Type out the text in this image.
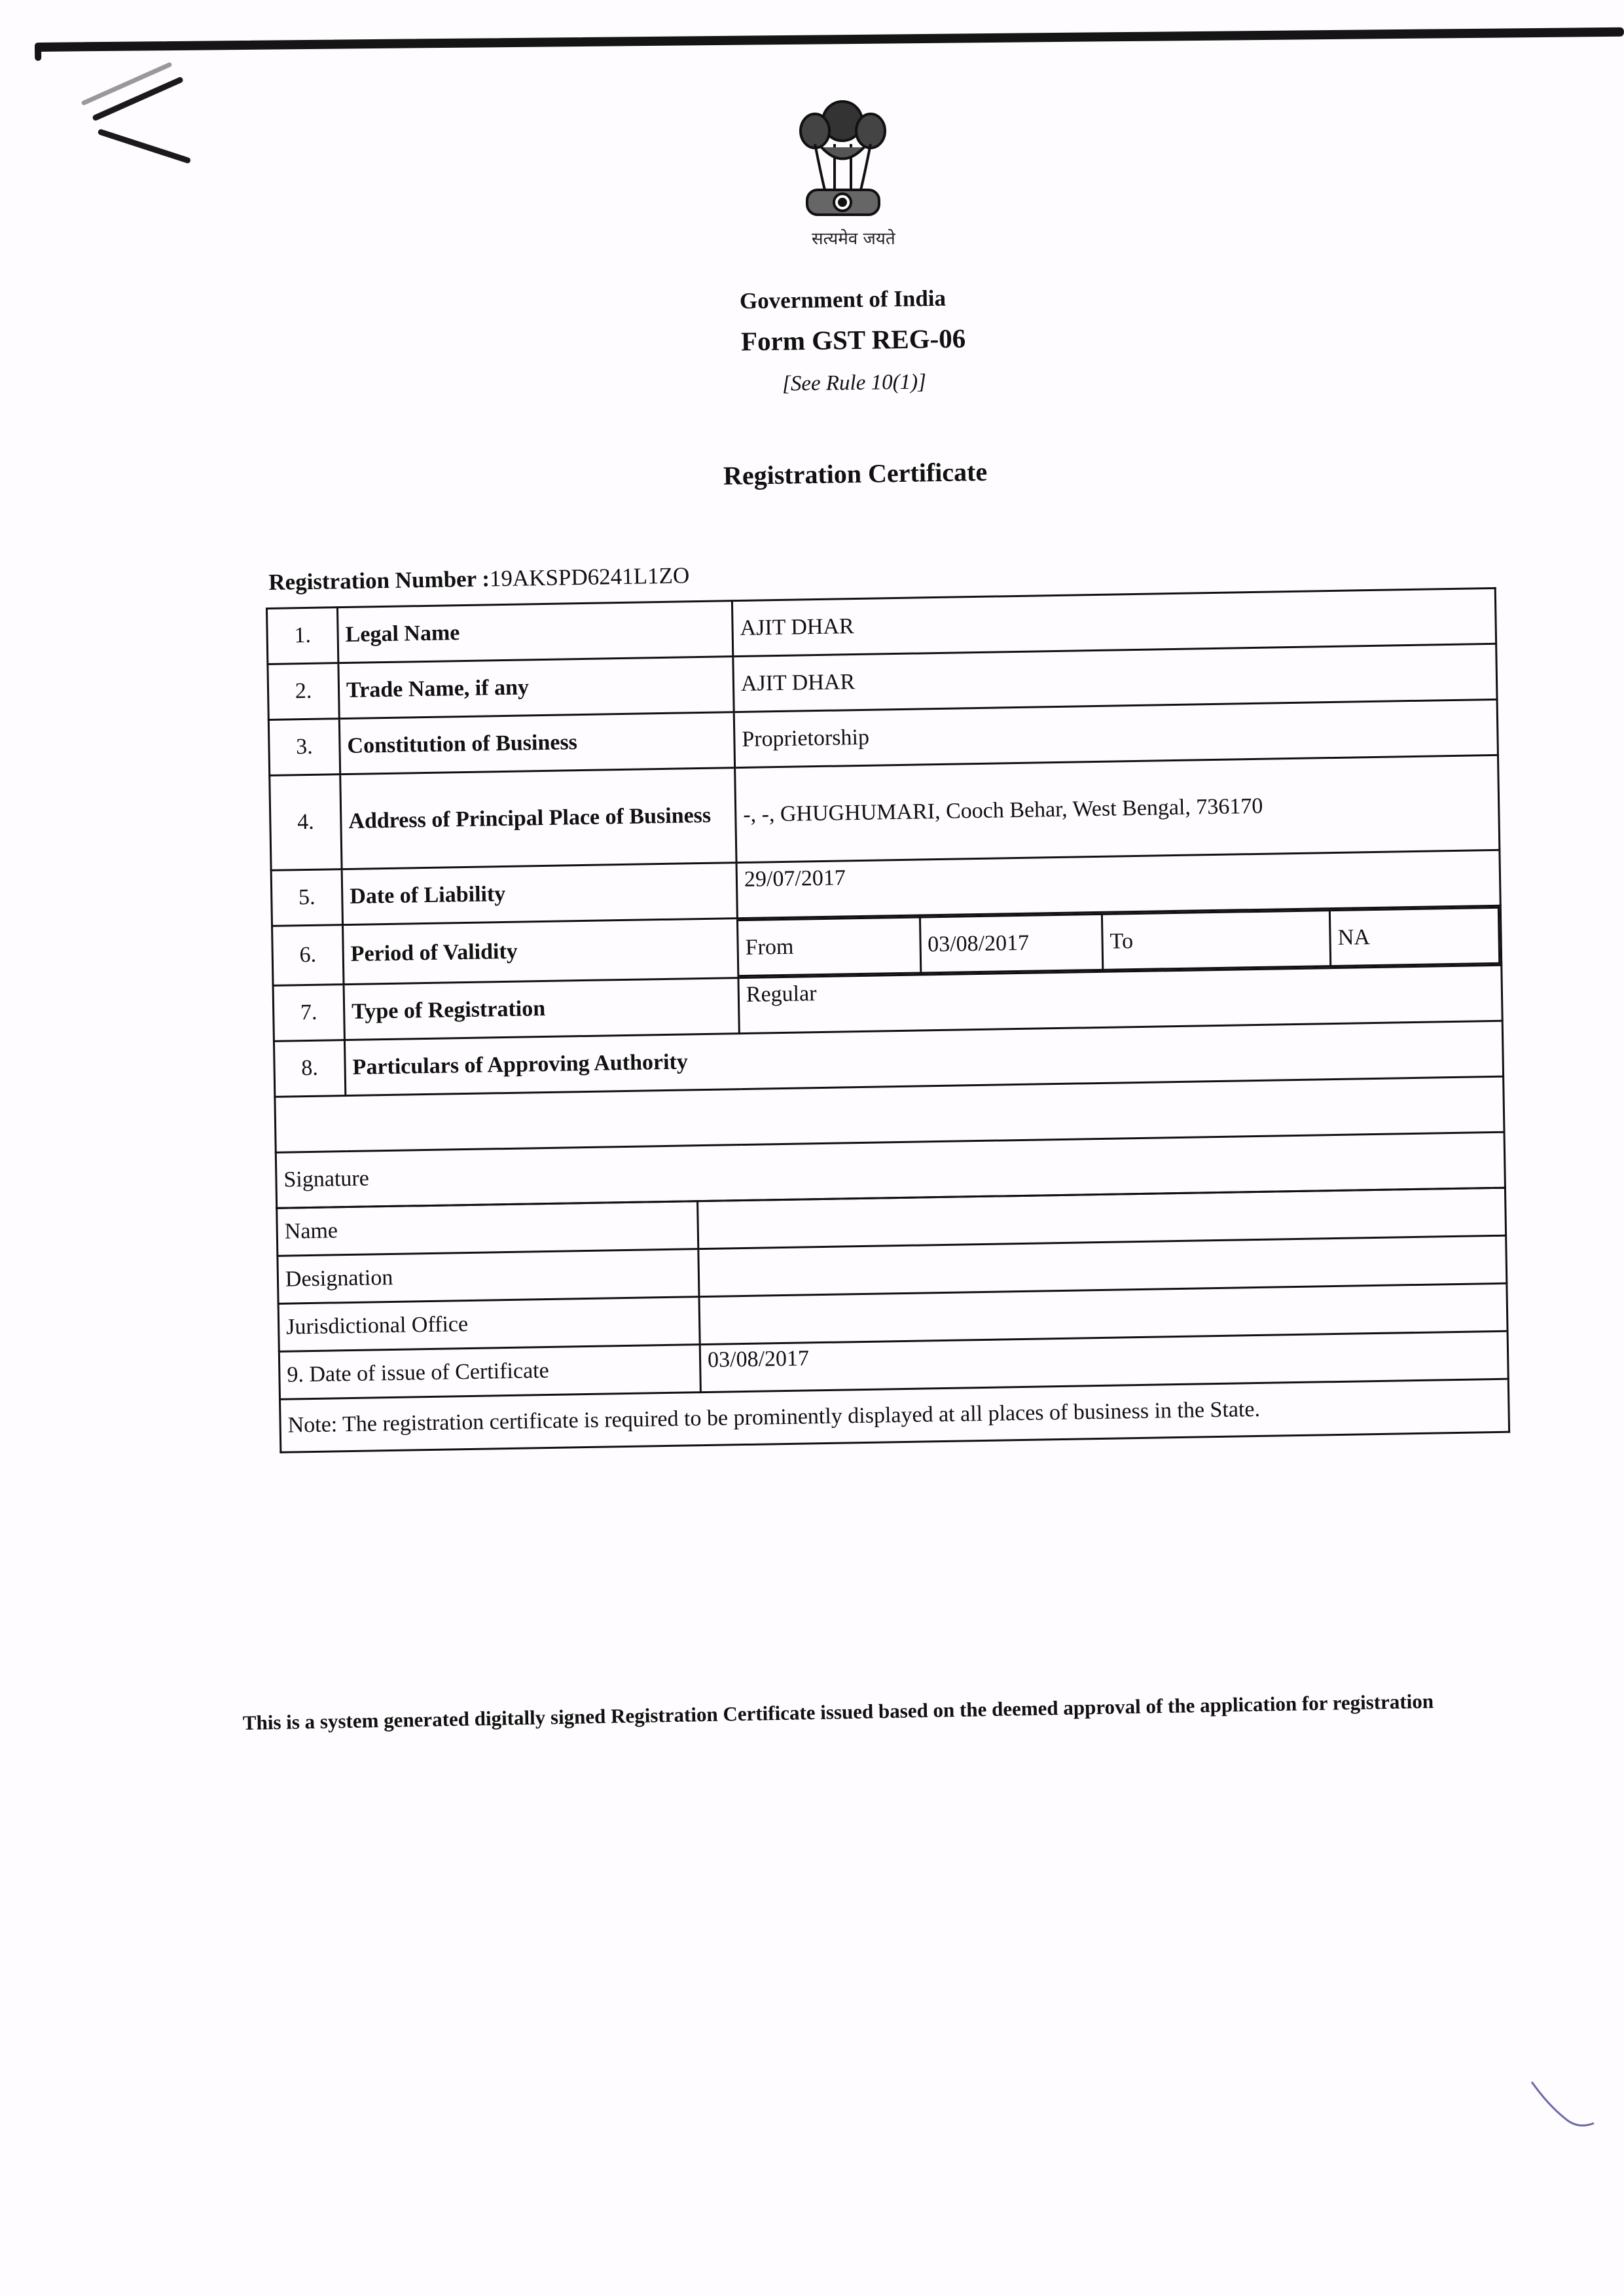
सत्यमेव जयते
Government of India
Form GST REG-06
[See Rule 10(1)]
Registration Certificate
Registration Number :19AKSPD6241L1ZO
1.	Legal Name	AJIT DHAR
2.	Trade Name, if any	AJIT DHAR
3.	Constitution of Business	Proprietorship
4.	Address of Principal Place of Business	-, -, GHUGHUMARI, Cooch Behar, West Bengal, 736170
5.	Date of Liability	29/07/2017
6.	Period of Validity		From	03/08/2017	To	NA

7.	Type of Registration	Regular
8.	Particulars of Approving Authority

Signature
Name	
Designation	
Jurisdictional Office	
9. Date of issue of Certificate	03/08/2017
Note: The registration certificate is required to be prominently displayed at all places of business in the State.	
This is a system generated digitally signed Registration Certificate issued based on the deemed approval of the application for registration
